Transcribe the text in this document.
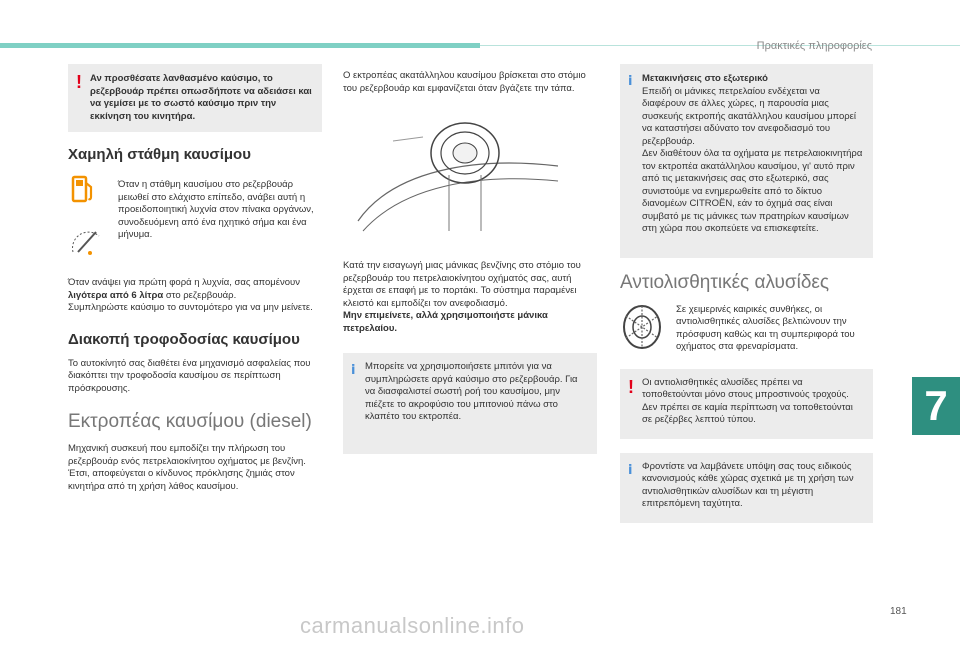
Πρακτικές πληροφορίες
! Αν προσθέσατε λανθασμένο καύσιμο, το ρεζερβουάρ πρέπει οπωσδήποτε να αδειάσει και να γεμίσει με το σωστό καύσιμο πριν την εκκίνηση του κινητήρα.

Χαμηλή στάθμη καυσίμου

Όταν η στάθμη καυσίμου στο ρεζερβουάρ μειωθεί στο ελάχιστο επίπεδο, ανάβει αυτή η προειδοποιητική λυχνία στον πίνακα οργάνων, συνοδευόμενη από ένα ηχητικό σήμα και ένα μήνυμα.

Όταν ανάψει για πρώτη φορά η λυχνία, σας απομένουν λιγότερα από 6 λίτρα στο ρεζερβουάρ.

Συμπληρώστε καύσιμο το συντομότερο για να μην μείνετε.

Διακοπή τροφοδοσίας καυσίμου

Το αυτοκίνητό σας διαθέτει ένα μηχανισμό ασφαλείας που διακόπτει την τροφοδοσία καυσίμου σε περίπτωση πρόσκρουσης.

Εκτροπέας καυσίμου (diesel)

Μηχανική συσκευή που εμποδίζει την πλήρωση του ρεζερβουάρ ενός πετρελαιοκίνητου οχήματος με βενζίνη. Έτσι, αποφεύγεται ο κίνδυνος πρόκλησης ζημιάς στον κινητήρα από τη χρήση λάθος καυσίμου.

Ο εκτροπέας ακατάλληλου καυσίμου βρίσκεται στο στόμιο του ρεζερβουάρ και εμφανίζεται όταν βγάζετε την τάπα.

Κατά την εισαγωγή μιας μάνικας βενζίνης στο στόμιο του ρεζερβουάρ του πετρελαιοκίνητου οχήματός σας, αυτή έρχεται σε επαφή με το πορτάκι. Το σύστημα παραμένει κλειστό και εμποδίζει τον ανεφοδιασμό.

Μην επιμείνετε, αλλά χρησιμοποιήστε μάνικα πετρελαίου.

i Μπορείτε να χρησιμοποιήσετε μπιτόνι για να συμπληρώσετε αργά καύσιμο στο ρεζερβουάρ. Για να διασφαλιστεί σωστή ροή του καυσίμου, μην πιέζετε το ακροφύσιο του μπιτονιού πάνω στο κλαπέτο του εκτροπέα.

i Μετακινήσεις στο εξωτερικό

Επειδή οι μάνικες πετρελαίου ενδέχεται να διαφέρουν σε άλλες χώρες, η παρουσία μιας συσκευής εκτροπής ακατάλληλου καυσίμου μπορεί να καταστήσει αδύνατο τον ανεφοδιασμό του ρεζερβουάρ.

Δεν διαθέτουν όλα τα οχήματα με πετρελαιοκινητήρα τον εκτροπέα ακατάλληλου καυσίμου, γι' αυτό πριν από τις μετακινήσεις σας στο εξωτερικό, σας συνιστούμε να ενημερωθείτε από το δίκτυο διανομέων CITROËN, εάν το όχημά σας είναι συμβατό με τις μάνικες των πρατηρίων καυσίμων στη χώρα που σκοπεύετε να επισκεφτείτε.

Αντιολισθητικές αλυσίδες

Σε χειμερινές καιρικές συνθήκες, οι αντιολισθητικές αλυσίδες βελτιώνουν την πρόσφυση καθώς και τη συμπεριφορά του οχήματος στα φρεναρίσματα.

! Οι αντιολισθητικές αλυσίδες πρέπει να τοποθετούνται μόνο στους μπροστινούς τροχούς. Δεν πρέπει σε καμία περίπτωση να τοποθετούνται σε ρεζέρβες λεπτού τύπου.

i Φροντίστε να λαμβάνετε υπόψη σας τους ειδικούς κανονισμούς κάθε χώρας σχετικά με τη χρήση των αντιολισθητικών αλυσίδων και τη μέγιστη επιτρεπόμενη ταχύτητα.

7
181
carmanualsonline.info
